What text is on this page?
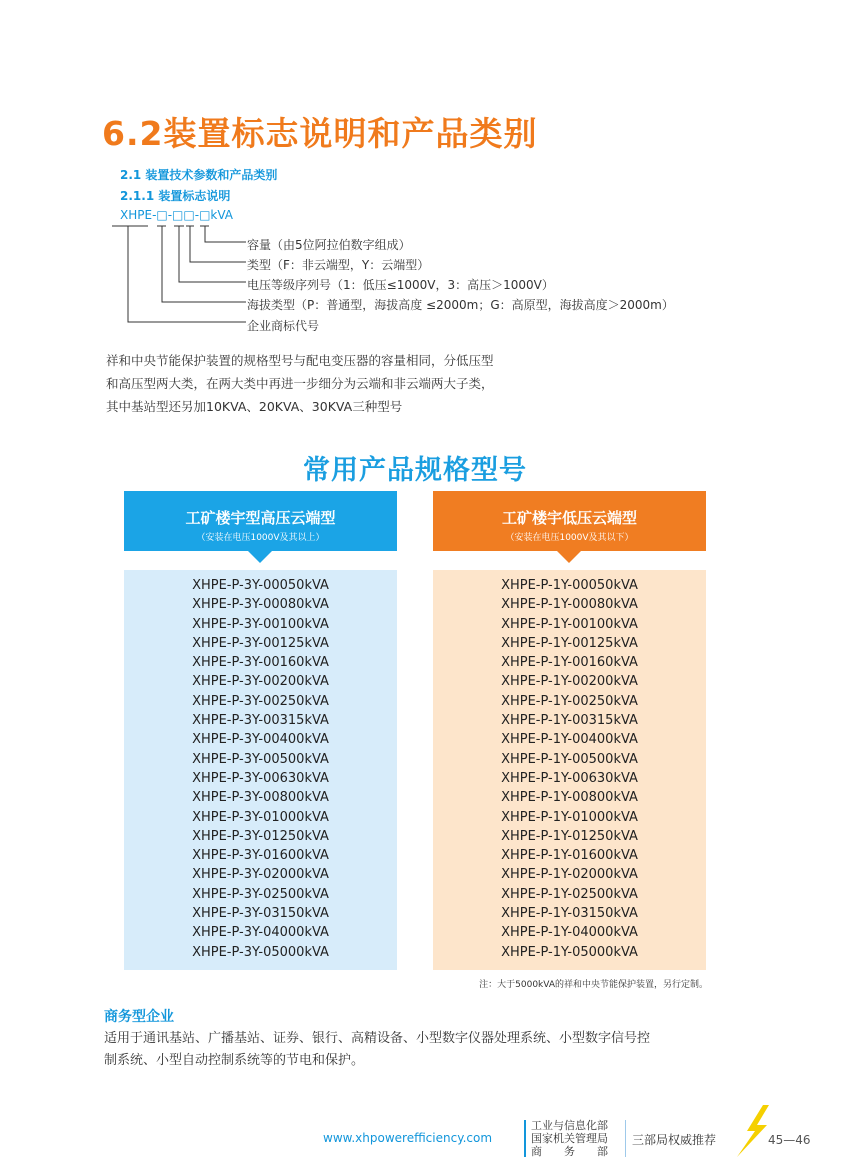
6.2装置标志说明和产品类别
2.1 装置技术参数和产品类别
2.1.1 装置标志说明
XHPE-□-□□-□kVA
容量（由5位阿拉伯数字组成）
类型（F：非云端型，Y：云端型）
电压等级序列号（1：低压≤1000V，3：高压＞1000V）
海拔类型（P：普通型，海拔高度 ≤2000m；G：高原型，海拔高度＞2000m）
企业商标代号
祥和中央节能保护装置的规格型号与配电变压器的容量相同，分低压型
和高压型两大类，在两大类中再进一步细分为云端和非云端两大子类，
其中基站型还另加10KVA、20KVA、30KVA三种型号
常用产品规格型号
工矿楼宇型高压云端型
（安装在电压1000V及其以上）
XHPE-P-3Y-00050kVA
XHPE-P-3Y-00080kVA
XHPE-P-3Y-00100kVA
XHPE-P-3Y-00125kVA
XHPE-P-3Y-00160kVA
XHPE-P-3Y-00200kVA
XHPE-P-3Y-00250kVA
XHPE-P-3Y-00315kVA
XHPE-P-3Y-00400kVA
XHPE-P-3Y-00500kVA
XHPE-P-3Y-00630kVA
XHPE-P-3Y-00800kVA
XHPE-P-3Y-01000kVA
XHPE-P-3Y-01250kVA
XHPE-P-3Y-01600kVA
XHPE-P-3Y-02000kVA
XHPE-P-3Y-02500kVA
XHPE-P-3Y-03150kVA
XHPE-P-3Y-04000kVA
XHPE-P-3Y-05000kVA
工矿楼宇低压云端型
（安装在电压1000V及其以下）
XHPE-P-1Y-00050kVA
XHPE-P-1Y-00080kVA
XHPE-P-1Y-00100kVA
XHPE-P-1Y-00125kVA
XHPE-P-1Y-00160kVA
XHPE-P-1Y-00200kVA
XHPE-P-1Y-00250kVA
XHPE-P-1Y-00315kVA
XHPE-P-1Y-00400kVA
XHPE-P-1Y-00500kVA
XHPE-P-1Y-00630kVA
XHPE-P-1Y-00800kVA
XHPE-P-1Y-01000kVA
XHPE-P-1Y-01250kVA
XHPE-P-1Y-01600kVA
XHPE-P-1Y-02000kVA
XHPE-P-1Y-02500kVA
XHPE-P-1Y-03150kVA
XHPE-P-1Y-04000kVA
XHPE-P-1Y-05000kVA
注：大于5000kVA的祥和中央节能保护装置，另行定制。
商务型企业
适用于通讯基站、广播基站、证券、银行、高精设备、小型数字仪器处理系统、小型数字信号控
制系统、小型自动控制系统等的节电和保护。
www.xhpowerefficiency.com
工业与信息化部
国家机关管理局
商　　务　　部
三部局权威推荐	45—46
